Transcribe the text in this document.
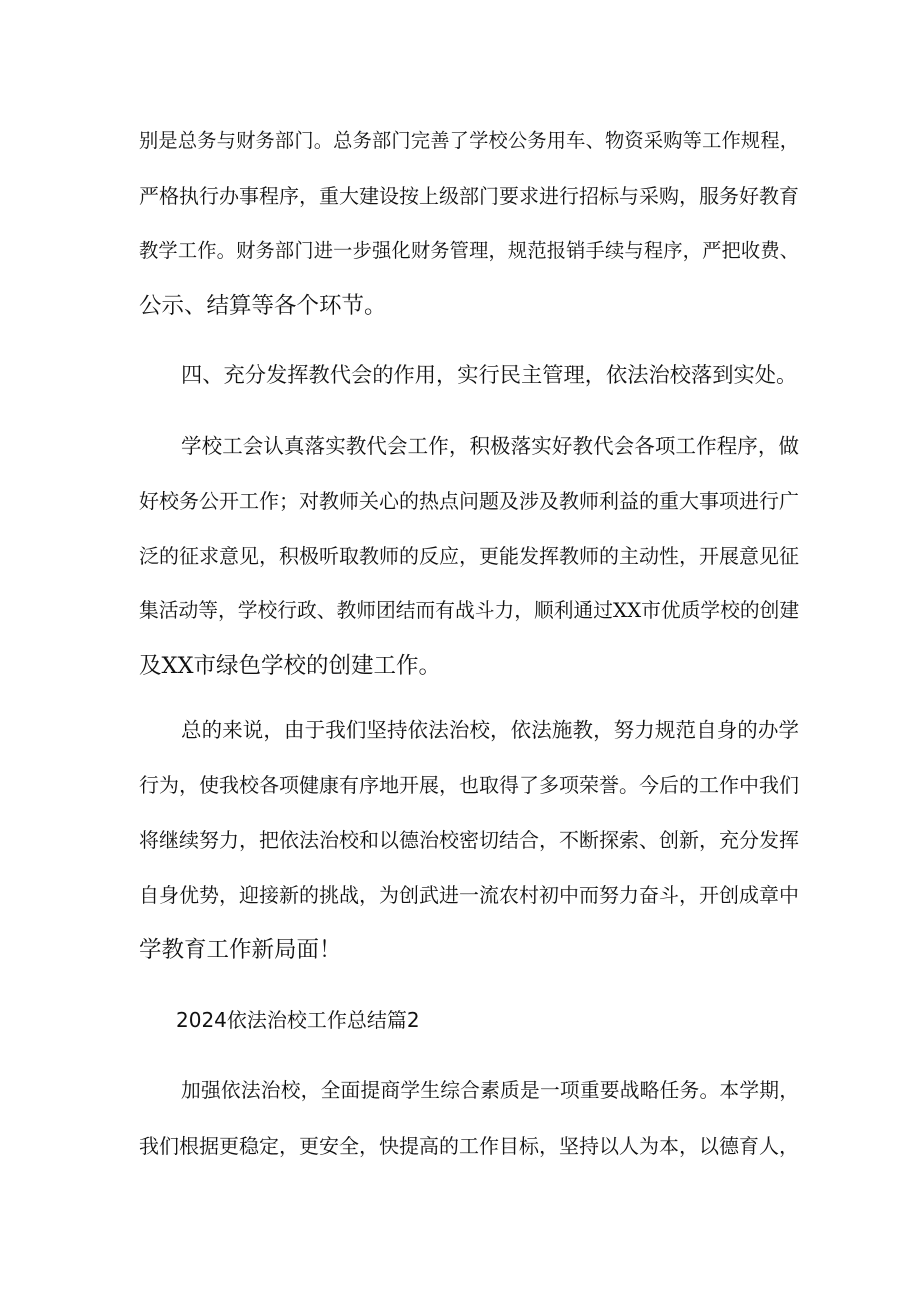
别是总务与财务部门。总务部门完善了学校公务用车、物资采购等工作规程，
严格执行办事程序，重大建设按上级部门要求进行招标与采购，服务好教育
教学工作。财务部门进一步强化财务管理，规范报销手续与程序，严把收费、
公示、结算等各个环节。
四、充分发挥教代会的作用，实行民主管理，依法治校落到实处。
学校工会认真落实教代会工作，积极落实好教代会各项工作程序，做
好校务公开工作；对教师关心的热点问题及涉及教师利益的重大事项进行广
泛的征求意见，积极听取教师的反应，更能发挥教师的主动性，开展意见征
集活动等，学校行政、教师团结而有战斗力，顺利通过XX市优质学校的创建
及XX市绿色学校的创建工作。
总的来说，由于我们坚持依法治校，依法施教，努力规范自身的办学
行为，使我校各项健康有序地开展，也取得了多项荣誉。今后的工作中我们
将继续努力，把依法治校和以德治校密切结合，不断探索、创新，充分发挥
自身优势，迎接新的挑战，为创武进一流农村初中而努力奋斗，开创成章中
学教育工作新局面！
2024依法治校工作总结篇2
加强依法治校，全面提商学生综合素质是一项重要战略任务。本学期，
我们根据更稳定，更安全，快提高的工作目标，坚持以人为本，以德育人，
